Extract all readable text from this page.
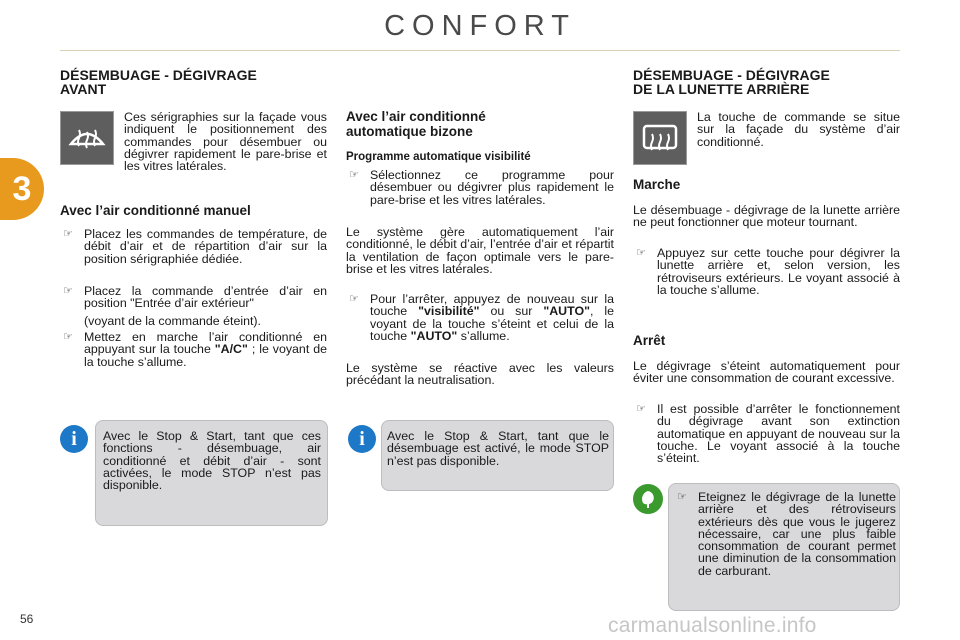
CONFORT
3
DÉSEMBUAGE - DÉGIVRAGE
AVANT
Ces sérigraphies sur la façade vous indiquent le positionnement des commandes pour désembuer ou dégivrer rapidement le pare-brise et les vitres latérales.
Avec l’air conditionné manuel
☞ Placez les commandes de température, de débit d’air et de répartition d’air sur la position sérigraphiée dédiée.
☞ Placez la commande d’entrée d’air en position "Entrée d’air extérieur"
(voyant de la commande éteint).
☞ Mettez en marche l’air conditionné en appuyant sur la touche "A/C" ; le voyant de la touche s’allume.
i	Avec le Stop & Start, tant que ces fonctions - désembuage, air conditionné et débit d’air - sont activées, le mode STOP n’est pas disponible.
Avec l’air conditionné
automatique bizone
Programme automatique visibilité
☞ Sélectionnez ce programme pour désembuer ou dégivrer plus rapidement le pare-brise et les vitres latérales.
Le système gère automatiquement l’air conditionné, le débit d’air, l’entrée d’air et répartit la ventilation de façon optimale vers le pare-brise et les vitres latérales.
☞ Pour l’arrêter, appuyez de nouveau sur la touche "visibilité" ou sur "AUTO", le voyant de la touche s’éteint et celui de la touche "AUTO" s’allume.
Le système se réactive avec les valeurs précédant la neutralisation.
i	Avec le Stop & Start, tant que le désembuage est activé, le mode STOP n’est pas disponible.
DÉSEMBUAGE - DÉGIVRAGE
DE LA LUNETTE ARRIÈRE
La touche de commande se situe sur la façade du système d’air conditionné.
Marche
Le désembuage - dégivrage de la lunette arrière ne peut fonctionner que moteur tournant.
☞ Appuyez sur cette touche pour dégivrer la lunette arrière et, selon version, les rétroviseurs extérieurs. Le voyant associé à la touche s’allume.
Arrêt
Le dégivrage s’éteint automatiquement pour éviter une consommation de courant excessive.
☞ Il est possible d’arrêter le fonctionnement du dégivrage avant son extinction automatique en appuyant de nouveau sur la touche. Le voyant associé à la touche s’éteint.
☞ Eteignez le dégivrage de la lunette arrière et des rétroviseurs extérieurs dès que vous le jugerez nécessaire, car une plus faible consommation de courant permet une diminution de la consommation de carburant.
56	carmanualsonline.info
